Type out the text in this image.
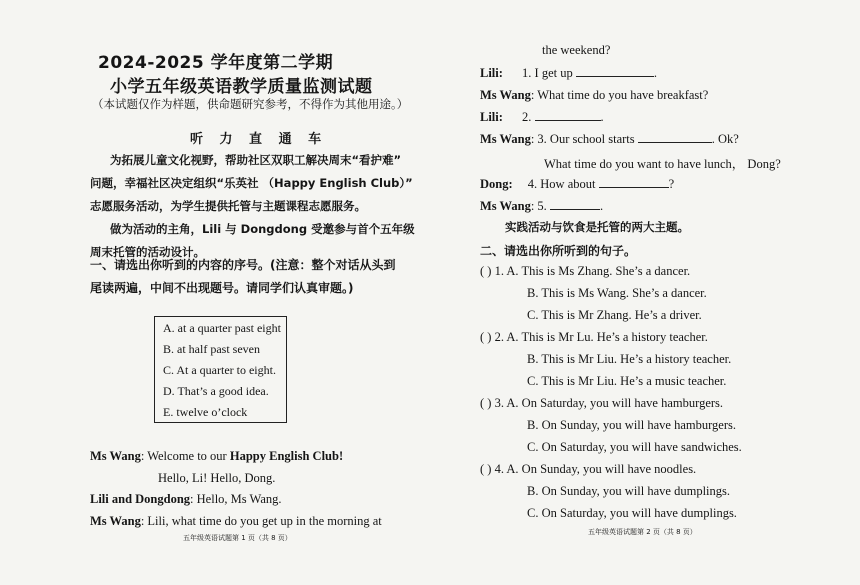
2024-2025 学年度第二学期
小学五年级英语教学质量监测试题
（本试题仅作为样题，供命题研究参考，不得作为其他用途。）
听 力 直 通 车
为拓展儿童文化视野，帮助社区双职工解决周末“看护难”
问题，幸福社区决定组织“乐英社 （Happy English Club）”
志愿服务活动，为学生提供托管与主题课程志愿服务。
做为活动的主角，Lili 与 Dongdong 受邀参与首个五年级
周末托管的活动设计。
一、请选出你听到的内容的序号。(注意：整个对话从头到
尾读两遍，中间不出现题号。请同学们认真审题。)
A. at a quarter past eight
B. at half past seven
C. At a quarter to eight.
D. That’s a good idea.
E. twelve o’clock
Ms Wang: Welcome to our Happy English Club!
Hello, Li! Hello, Dong.
Lili and Dongdong: Hello, Ms Wang.
Ms Wang: Lili, what time do you get up in the morning at
五年级英语试题第 1 页（共 8 页）
the weekend?
Lili: 1. I get up	.
Ms Wang: What time do you have breakfast?
Lili: 2.	.
Ms Wang: 3. Our school starts	. Ok?
What time do you want to have lunch， Dong?
Dong: 4. How about	?
Ms Wang: 5.	.
实践活动与饮食是托管的两大主题。
二、请选出你所听到的句子。
( ) 1. A. This is Ms Zhang. She’s a dancer.
B. This is Ms Wang. She’s a dancer.
C. This is Mr Zhang. He’s a driver.
( ) 2. A. This is Mr Lu. He’s a history teacher.
B. This is Mr Liu. He’s a history teacher.
C. This is Mr Liu. He’s a music teacher.
( ) 3. A. On Saturday, you will have hamburgers.
B. On Sunday, you will have hamburgers.
C. On Saturday, you will have sandwiches.
( ) 4. A. On Sunday, you will have noodles.
B. On Sunday, you will have dumplings.
C. On Saturday, you will have dumplings.
五年级英语试题第 2 页（共 8 页）
